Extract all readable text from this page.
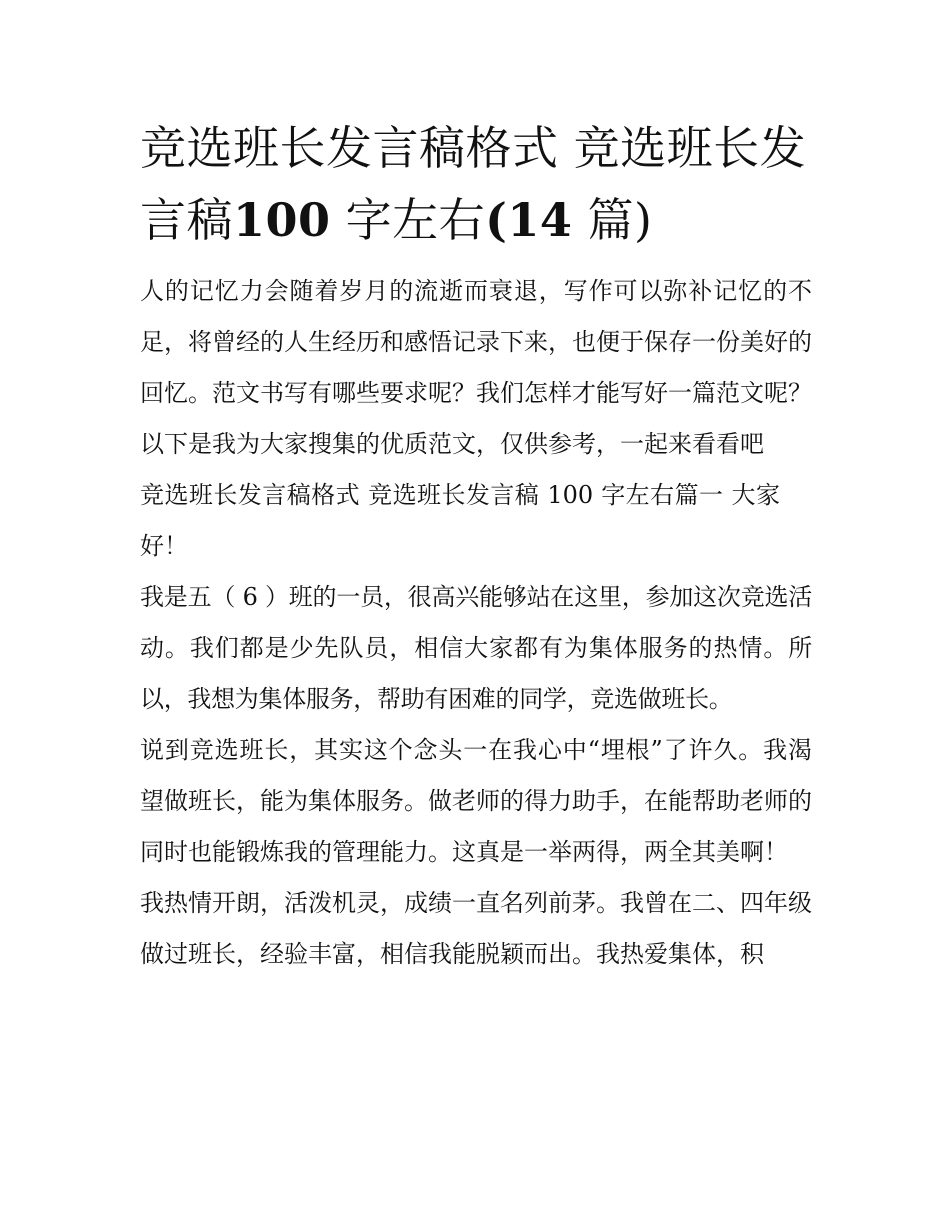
竞选班长发言稿格式 竞选班长发言稿100 字左右(14 篇)

人的记忆力会随着岁月的流逝而衰退，写作可以弥补记忆的不足，将曾经的人生经历和感悟记录下来，也便于保存一份美好的回忆。范文书写有哪些要求呢？我们怎样才能写好一篇范文呢？以下是我为大家搜集的优质范文，仅供参考，一起来看看吧

竞选班长发言稿格式 竞选班长发言稿 100 字左右篇一 大家好！

我是五（ 6 ）班的一员，很高兴能够站在这里，参加这次竞选活动。我们都是少先队员，相信大家都有为集体服务的热情。所以，我想为集体服务，帮助有困难的同学，竞选做班长。

说到竞选班长，其实这个念头一在我心中“埋根”了许久。我渴望做班长，能为集体服务。做老师的得力助手，在能帮助老师的同时也能锻炼我的管理能力。这真是一举两得，两全其美啊！

我热情开朗，活泼机灵，成绩一直名列前茅。我曾在二、四年级做过班长，经验丰富，相信我能脱颖而出。我热爱集体，积
